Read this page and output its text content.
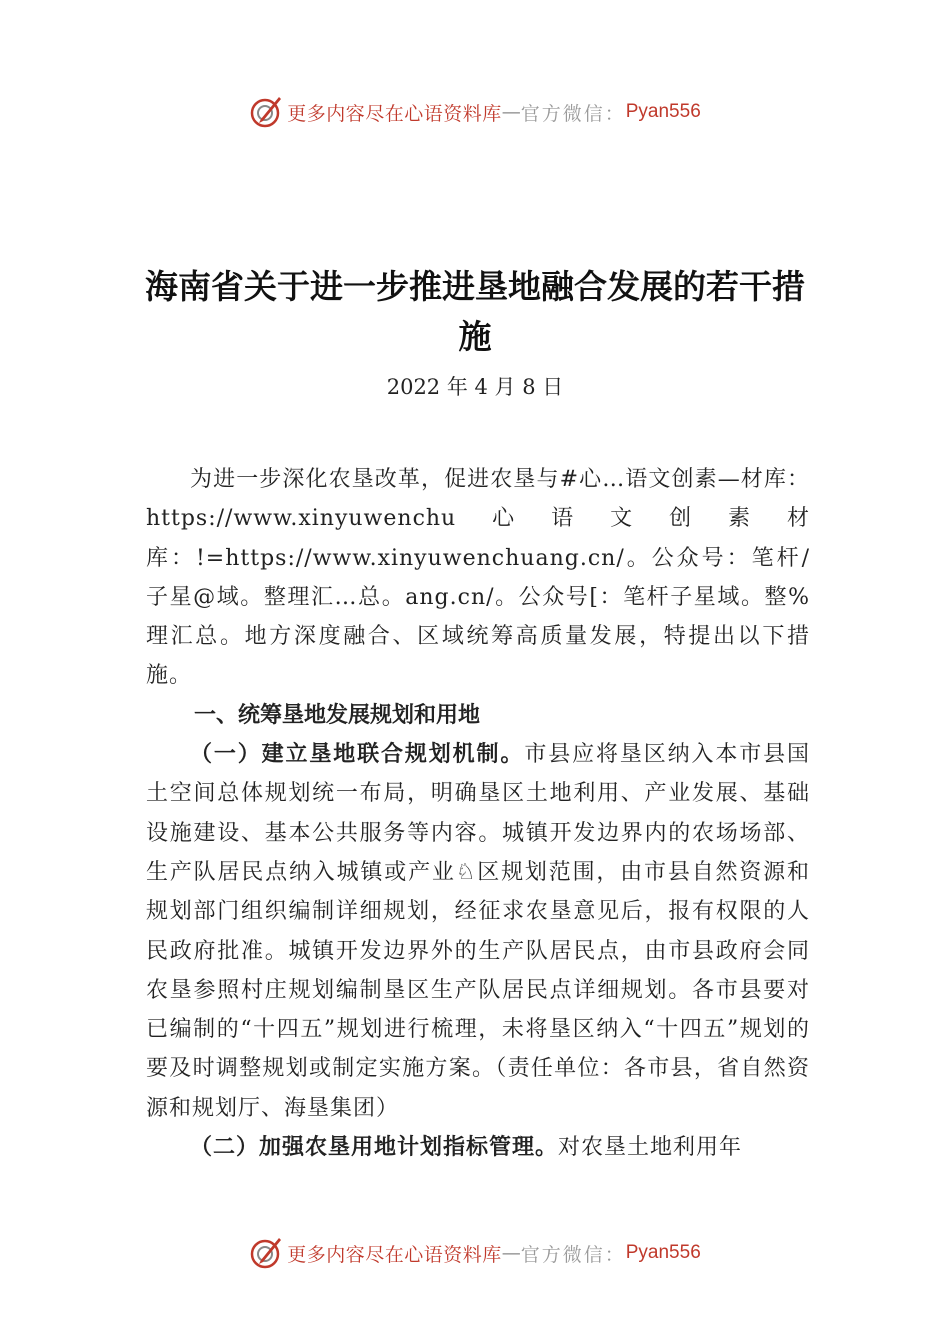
更多内容尽在心语资料库 — 官方微信： Pyan556
海南省关于进一步推进垦地融合发展的若干措施
2022 年 4 月 8 日

为进一步深化农垦改革，促进农垦与#心…语文创素—材库：https://www.xinyuwenchu心语文创素材库：!=https://www.xinyuwenchuang.cn/。公众号：笔杆/子星@域。整理汇…总。ang.cn/。公众号[：笔杆子星域。整%理汇总。地方深度融合、区域统筹高质量发展，特提出以下措施。

一、统筹垦地发展规划和用地

（一）建立垦地联合规划机制。市县应将垦区纳入本市县国土空间总体规划统一布局，明确垦区土地利用、产业发展、基础设施建设、基本公共服务等内容。城镇开发边界内的农场场部、生产队居民点纳入城镇或产业♘区规划范围，由市县自然资源和规划部门组织编制详细规划，经征求农垦意见后，报有权限的人民政府批准。城镇开发边界外的生产队居民点，由市县政府会同农垦参照村庄规划编制垦区生产队居民点详细规划。各市县要对已编制的“十四五”规划进行梳理，未将垦区纳入“十四五”规划的要及时调整规划或制定实施方案。（责任单位：各市县，省自然资源和规划厅、海垦集团）

（二）加强农垦用地计划指标管理。对农垦土地利用年

更多内容尽在心语资料库 — 官方微信： Pyan556
